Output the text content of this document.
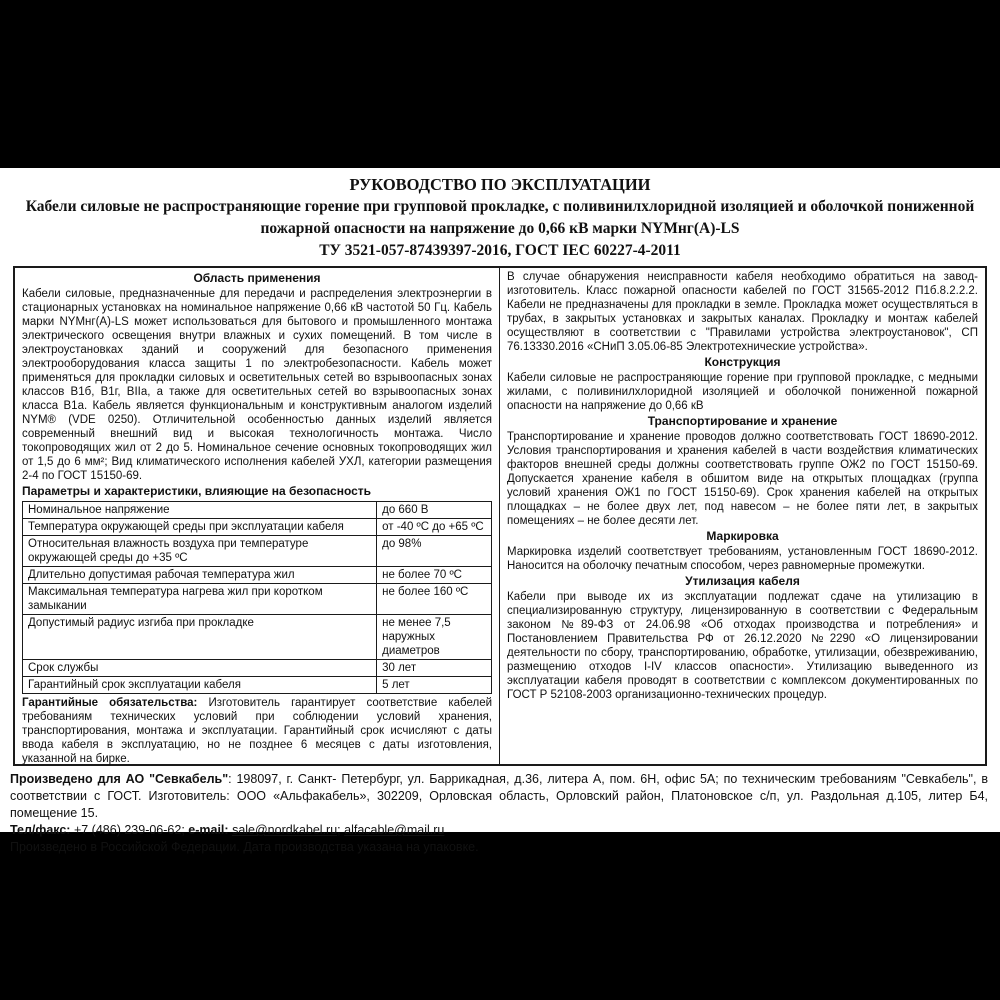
РУКОВОДСТВО ПО ЭКСПЛУАТАЦИИ
Кабели силовые не распространяющие горение при групповой прокладке, с поливинилхлоридной изоляцией и оболочкой пониженной пожарной опасности на напряжение до 0,66 кВ марки NYMнг(А)-LS
ТУ 3521-057-87439397-2016, ГОСТ IEC 60227-4-2011
Область применения

Кабели силовые, предназначенные для передачи и распределения электроэнергии в стационарных установках на номинальное напряжение 0,66 кВ частотой 50 Гц. Кабель марки NYMнг(А)-LS может использоваться для бытового и промышленного монтажа электрического освещения внутри влажных и сухих помещений. В том числе в электроустановках зданий и сооружений для безопасного применения электрооборудования класса защиты 1 по электробезопасности. Кабель может применяться для прокладки силовых и осветительных сетей во взрывоопасных зонах классов В1б, В1г, ВIIа, а также для осветительных сетей во взрывоопасных зонах класса В1а. Кабель является функциональным и конструктивным аналогом изделий NYM® (VDE 0250). Отличительной особенностью данных изделий является современный внешний вид и высокая технологичность монтажа. Число токопроводящих жил от 2 до 5. Номинальное сечение основных токопроводящих жил от 1,5 до 6 мм²; Вид климатического исполнения кабелей УХЛ, категории размещения 2-4 по ГОСТ 15150-69.

Параметры и характеристики, влияющие на безопасность
Номинальное напряжение	до 660 В
Температура окружающей среды при эксплуатации кабеля	от -40 ºС до +65 ºС
Относительная влажность воздуха при температуре окружающей среды до +35 ºС	до 98%
Длительно допустимая рабочая температура жил	не более 70 ºС
Максимальная температура нагрева жил при коротком замыкании	не более 160 ºС
Допустимый радиус изгиба при прокладке	не менее 7,5 наружных диаметров
Срок службы	30 лет
Гарантийный срок эксплуатации кабеля	5 лет

Гарантийные обязательства: Изготовитель гарантирует соответствие кабелей требованиям технических условий при соблюдении условий хранения, транспортирования, монтажа и эксплуатации. Гарантийный срок исчисляют с даты ввода кабеля в эксплуатацию, но не позднее 6 месяцев с даты изготовления, указанной на бирке.

В случае обнаружения неисправности кабеля необходимо обратиться на завод-изготовитель. Класс пожарной опасности кабелей по ГОСТ 31565-2012 П1б.8.2.2.2. Кабели не предназначены для прокладки в земле. Прокладка может осуществляться в трубах, в закрытых установках и закрытых каналах. Прокладку и монтаж кабелей осуществляют в соответствии с "Правилами устройства электроустановок", СП 76.13330.2016 «СНиП 3.05.06-85 Электротехнические устройства».

Конструкция

Кабели силовые не распространяющие горение при групповой прокладке, с медными жилами, с поливинилхлоридной изоляцией и оболочкой пониженной пожарной опасности на напряжение до 0,66 кВ

Транспортирование и хранение

Транспортирование и хранение проводов должно соответствовать ГОСТ 18690-2012. Условия транспортирования и хранения кабелей в части воздействия климатических факторов внешней среды должны соответствовать группе ОЖ2 по ГОСТ 15150-69. Допускается хранение кабеля в обшитом виде на открытых площадках (группа условий хранения ОЖ1 по ГОСТ 15150-69). Срок хранения кабелей на открытых площадках – не более двух лет, под навесом – не более пяти лет, в закрытых помещениях – не более десяти лет.

Маркировка

Маркировка изделий соответствует требованиям, установленным ГОСТ 18690-2012. Наносится на оболочку печатным способом, через равномерные промежутки.

Утилизация кабеля

Кабели при выводе их из эксплуатации подлежат сдаче на утилизацию в специализированную структуру, лицензированную в соответствии с Федеральным законом №89-ФЗ от 24.06.98 «Об отходах производства и потребления» и Постановлением Правительства РФ от 26.12.2020 №2290 «О лицензировании деятельности по сбору, транспортированию, обработке, утилизации, обезвреживанию, размещению отходов I-IV классов опасности». Утилизацию выведенного из эксплуатации кабеля проводят в соответствии с комплексом документированных по ГОСТ Р 52108-2003 организационно-технических процедур.

Произведено для АО "Севкабель": 198097, г. Санкт- Петербург, ул. Баррикадная, д.36, литера А, пом. 6Н, офис 5А; по техническим требованиям "Севкабель", в соответствии с ГОСТ. Изготовитель: ООО «Альфакабель», 302209, Орловская область, Орловский район, Платоновское с/п, ул. Раздольная д.105, литер Б4, помещение 15.

Тел/факс: +7 (486) 239-06-62; e-mail: sale@nordkabel.ru; alfacable@mail.ru

Произведено в Российской Федерации. Дата производства указана на упаковке.
